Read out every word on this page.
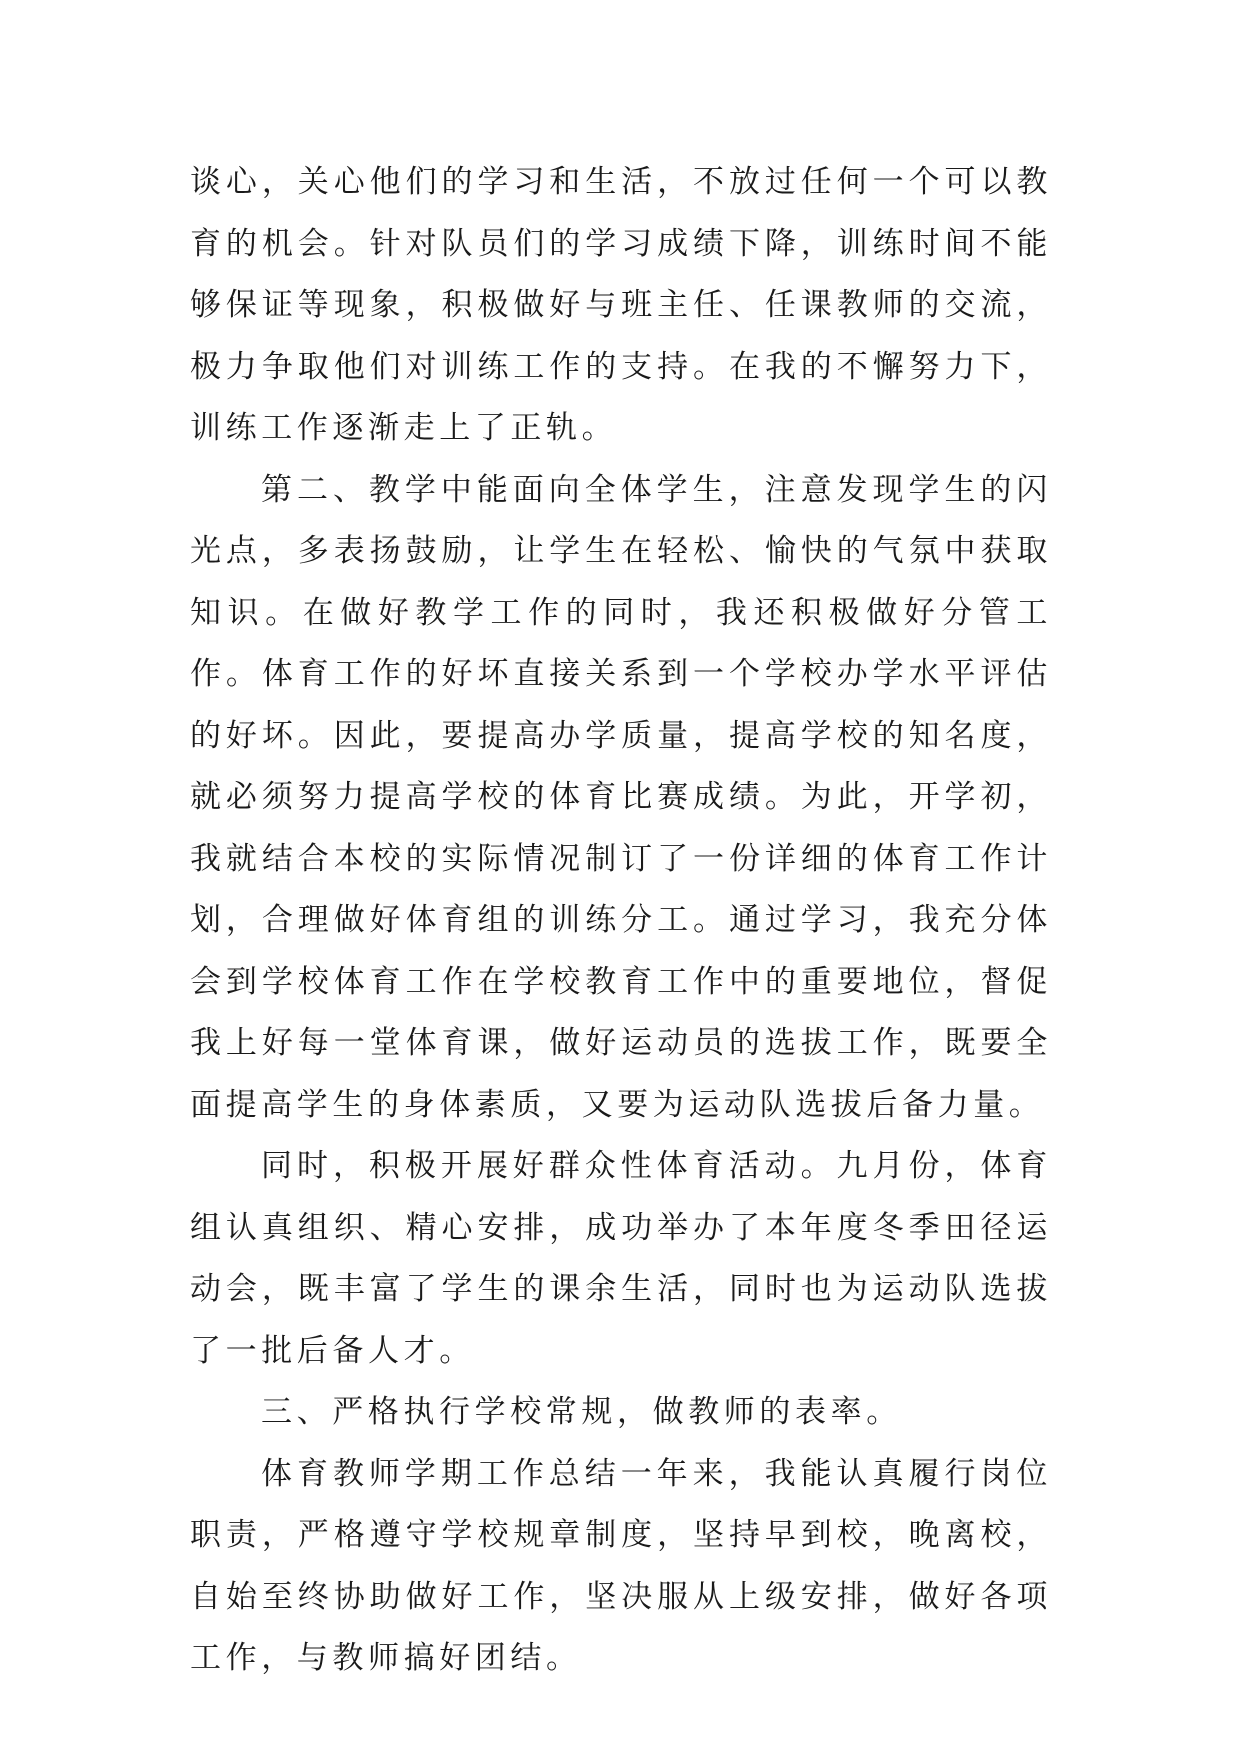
谈心，关心他们的学习和生活，不放过任何一个可以教育的机会。针对队员们的学习成绩下降，训练时间不能够保证等现象，积极做好与班主任、任课教师的交流，极力争取他们对训练工作的支持。在我的不懈努力下，训练工作逐渐走上了正轨。

第二、教学中能面向全体学生，注意发现学生的闪光点，多表扬鼓励，让学生在轻松、愉快的气氛中获取知识。在做好教学工作的同时，我还积极做好分管工作。体育工作的好坏直接关系到一个学校办学水平评估的好坏。因此，要提高办学质量，提高学校的知名度，就必须努力提高学校的体育比赛成绩。为此，开学初，我就结合本校的实际情况制订了一份详细的体育工作计划，合理做好体育组的训练分工。通过学习，我充分体会到学校体育工作在学校教育工作中的重要地位，督促我上好每一堂体育课，做好运动员的选拔工作，既要全面提高学生的身体素质，又要为运动队选拔后备力量。

同时，积极开展好群众性体育活动。九月份，体育组认真组织、精心安排，成功举办了本年度冬季田径运动会，既丰富了学生的课余生活，同时也为运动队选拔了一批后备人才。

三、严格执行学校常规，做教师的表率。

体育教师学期工作总结一年来，我能认真履行岗位职责，严格遵守学校规章制度，坚持早到校，晚离校，自始至终协助做好工作，坚决服从上级安排，做好各项工作，与教师搞好团结。
